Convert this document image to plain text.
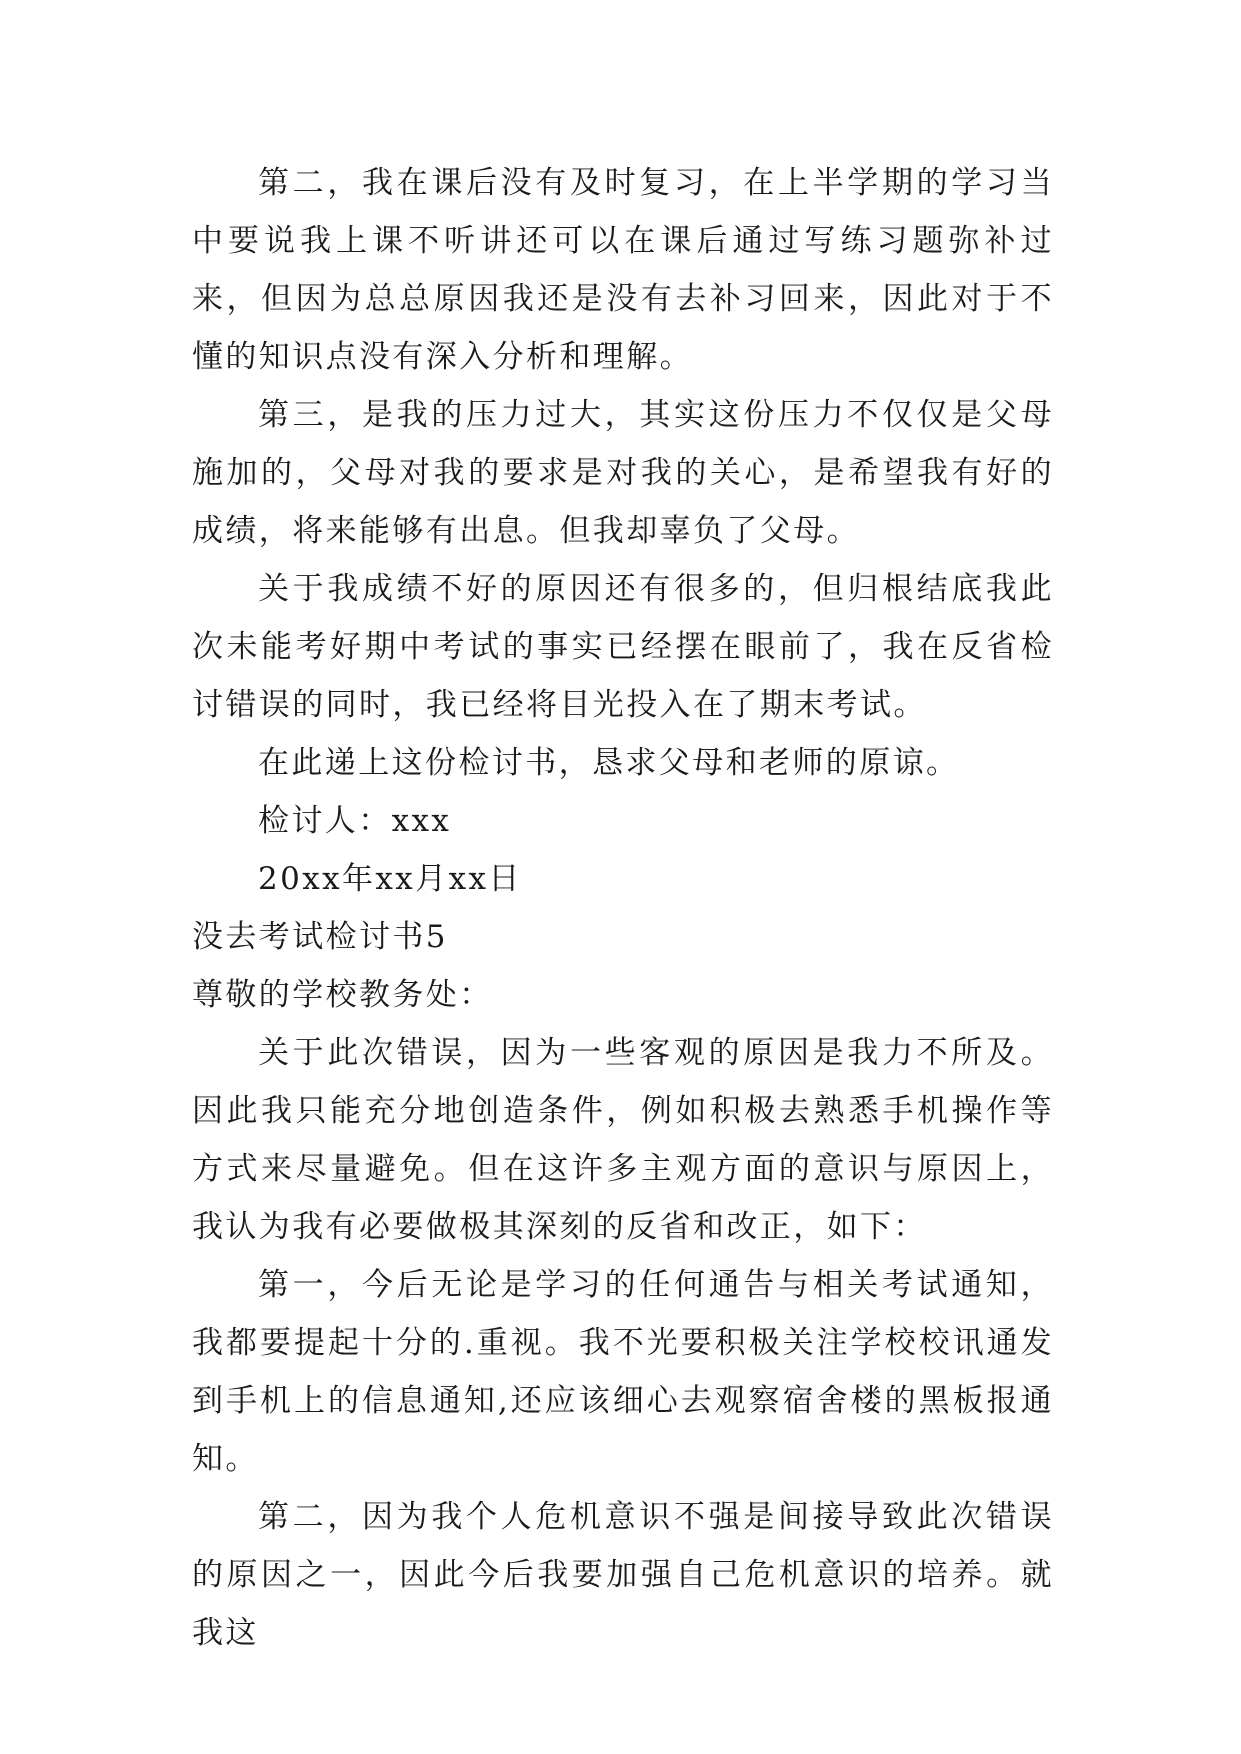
第二，我在课后没有及时复习，在上半学期的学习当中要说我上课不听讲还可以在课后通过写练习题弥补过来，但因为总总原因我还是没有去补习回来，因此对于不懂的知识点没有深入分析和理解。

第三，是我的压力过大，其实这份压力不仅仅是父母施加的，父母对我的要求是对我的关心，是希望我有好的成绩，将来能够有出息。但我却辜负了父母。

关于我成绩不好的原因还有很多的，但归根结底我此次未能考好期中考试的事实已经摆在眼前了，我在反省检讨错误的同时，我已经将目光投入在了期末考试。

在此递上这份检讨书，恳求父母和老师的原谅。

检讨人：xxx

20xx年xx月xx日

没去考试检讨书5

尊敬的学校教务处：

关于此次错误，因为一些客观的原因是我力不所及。因此我只能充分地创造条件，例如积极去熟悉手机操作等方式来尽量避免。但在这许多主观方面的意识与原因上，我认为我有必要做极其深刻的反省和改正，如下：

第一，今后无论是学习的任何通告与相关考试通知，我都要提起十分的.重视。我不光要积极关注学校校讯通发到手机上的信息通知,还应该细心去观察宿舍楼的黑板报通知。

第二，因为我个人危机意识不强是间接导致此次错误的原因之一，因此今后我要加强自己危机意识的培养。就我这
